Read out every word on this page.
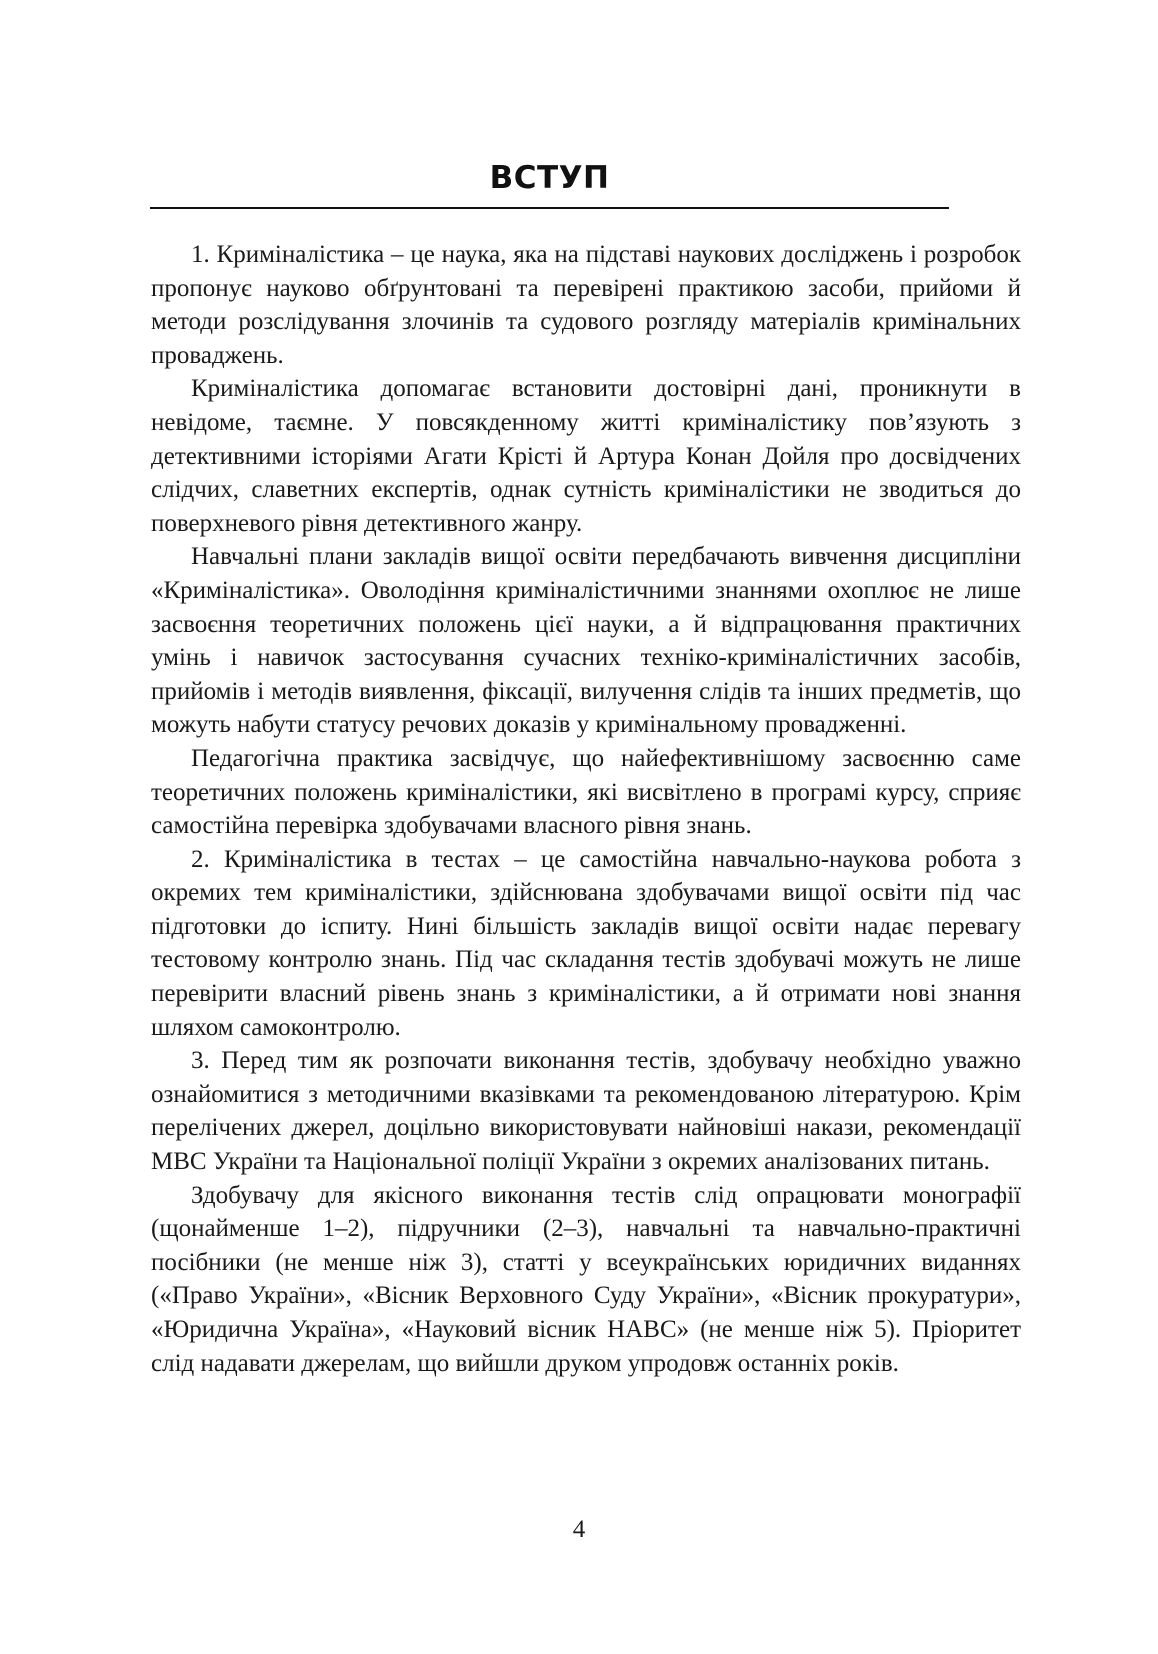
ВСТУП

1. Криміналістика – це наука, яка на підставі наукових досліджень і розробок пропонує науково обґрунтовані та перевірені практикою засоби, прийоми й методи розслідування злочинів та судового розгляду матеріалів кримінальних проваджень.

Криміналістика допомагає встановити достовірні дані, проникнути в невідоме, таємне. У повсякденному житті криміналістику пов’язують з детективними історіями Агати Крісті й Артура Конан Дойля про досвідчених слідчих, славетних експертів, однак сутність криміналістики не зводиться до поверхневого рівня детективного жанру.

Навчальні плани закладів вищої освіти передбачають вивчення дисципліни «Криміналістика». Оволодіння криміналістичними знаннями охоплює не лише засвоєння теоретичних положень цієї науки, а й відпрацювання практичних умінь і навичок застосування сучасних техніко-криміналістичних засобів, прийомів і методів виявлення, фіксації, вилучення слідів та інших предметів, що можуть набути статусу речових доказів у кримінальному провадженні.

Педагогічна практика засвідчує, що найефективнішому засвоєнню саме теоретичних положень криміналістики, які висвітлено в програмі курсу, сприяє самостійна перевірка здобувачами власного рівня знань.

2. Криміналістика в тестах – це самостійна навчально-наукова робота з окремих тем криміналістики, здійснювана здобувачами вищої освіти під час підготовки до іспиту. Нині більшість закладів вищої освіти надає перевагу тестовому контролю знань. Під час складання тестів здобувачі можуть не лише перевірити власний рівень знань з криміналістики, а й отримати нові знання шляхом самоконтролю.

3. Перед тим як розпочати виконання тестів, здобувачу необхідно уважно ознайомитися з методичними вказівками та рекомендованою літературою. Крім перелічених джерел, доцільно використовувати найновіші накази, рекомендації МВС України та Національної поліції України з окремих аналізованих питань.

Здобувачу для якісного виконання тестів слід опрацювати монографії (щонайменше 1–2), підручники (2–3), навчальні та навчально-практичні посібники (не менше ніж 3), статті у всеукраїнських юридичних виданнях («Право України», «Вісник Верховного Суду України», «Вісник прокуратури», «Юридична Україна», «Науковий вісник НАВС» (не менше ніж 5). Пріоритет слід надавати джерелам, що вийшли друком упродовж останніх років.

4
